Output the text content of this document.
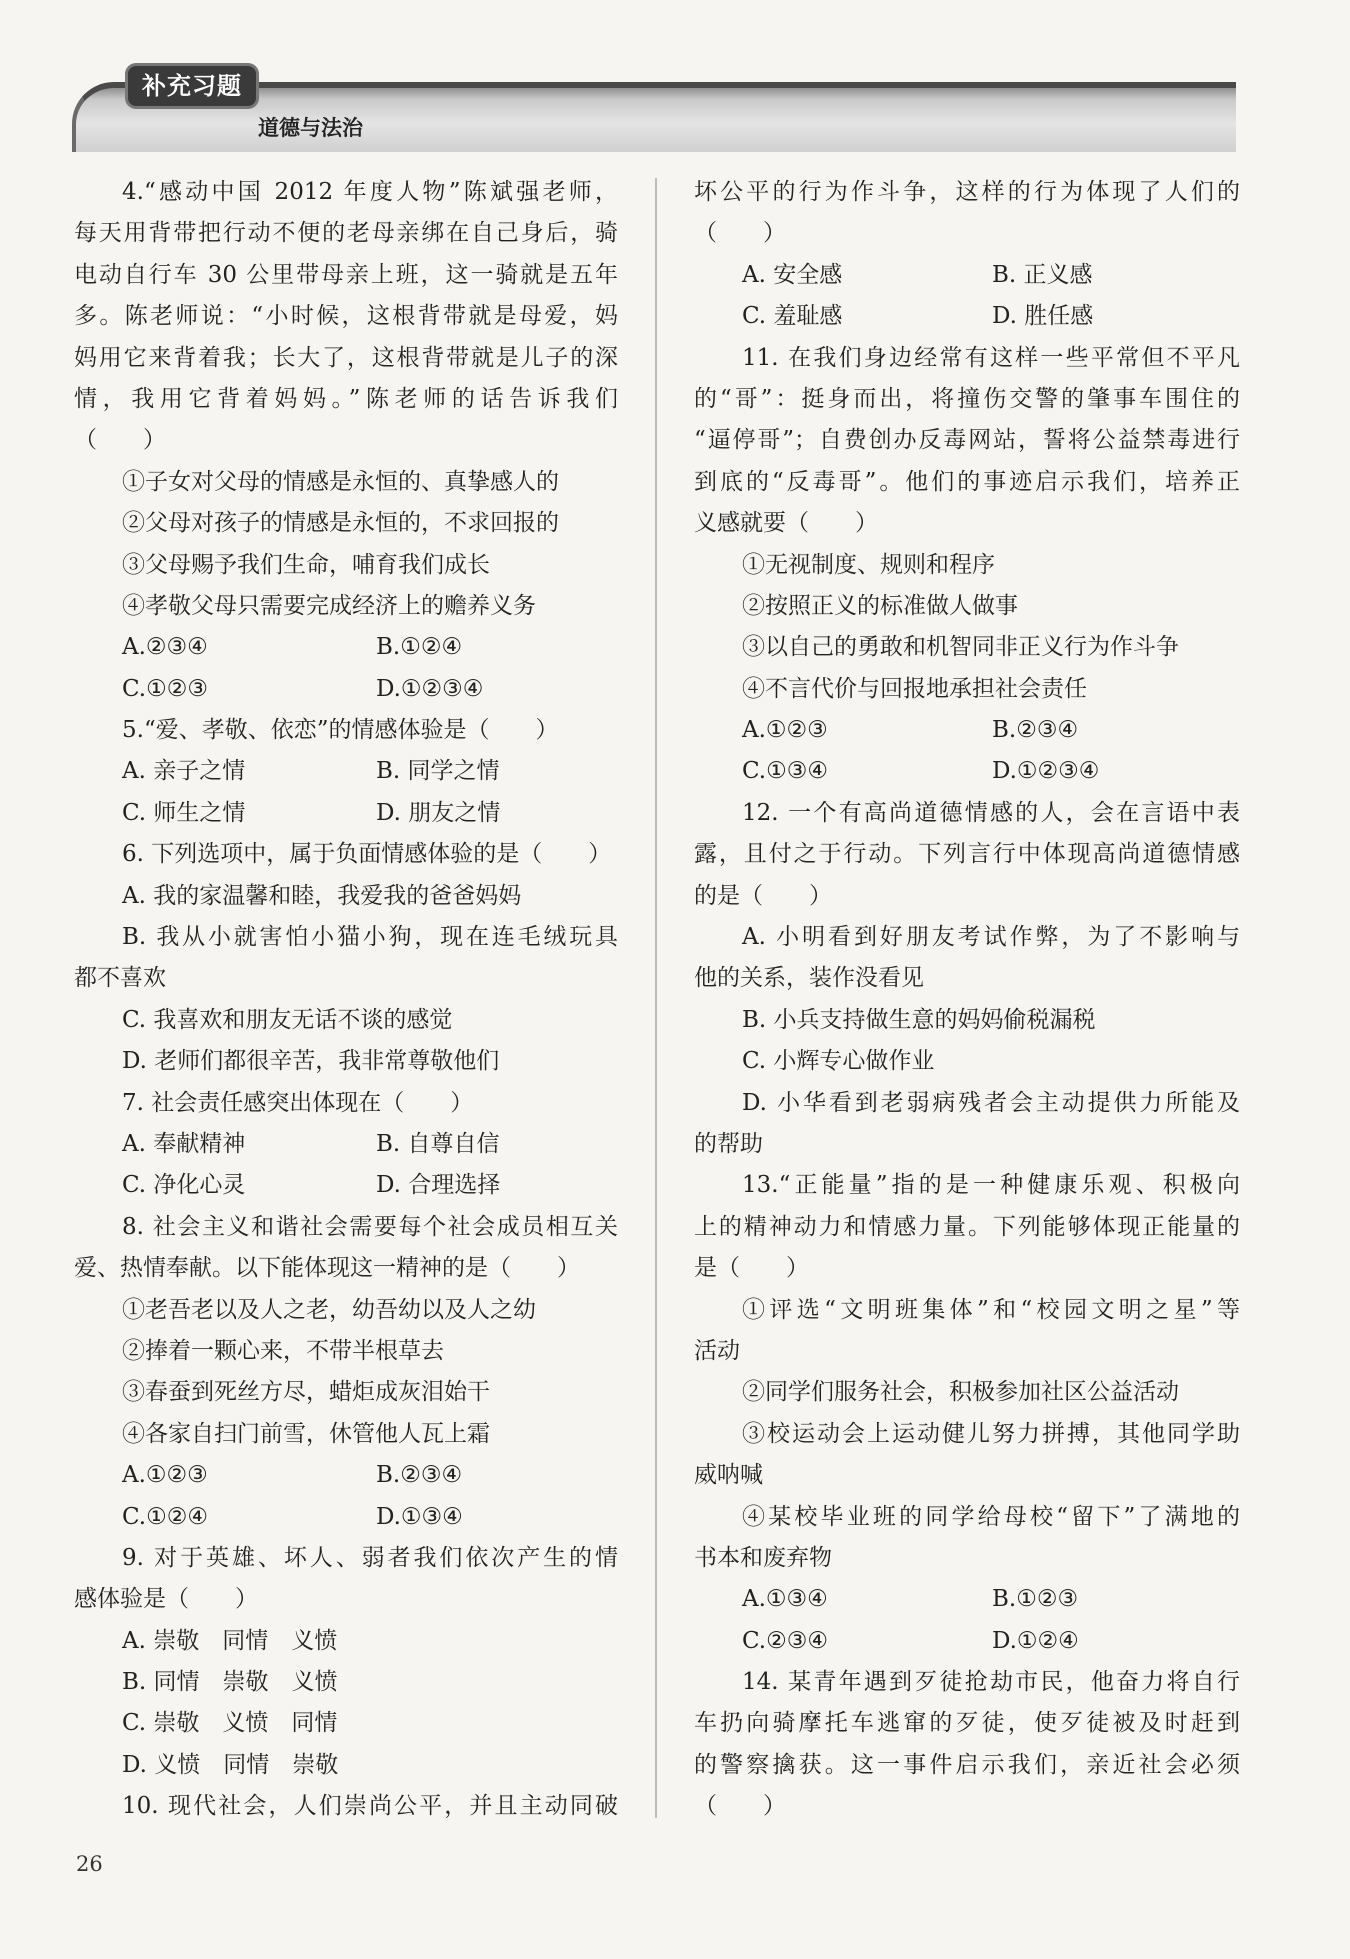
补充习题
道德与法治
4.“感动中国 2012 年度人物”陈斌强老师，
每天用背带把行动不便的老母亲绑在自己身后，骑
电动自行车 30 公里带母亲上班，这一骑就是五年
多。陈老师说：“小时候，这根背带就是母爱，妈
妈用它来背着我；长大了，这根背带就是儿子的深
情，我用它背着妈妈。”陈老师的话告诉我们
（　　）
①子女对父母的情感是永恒的、真挚感人的
②父母对孩子的情感是永恒的，不求回报的
③父母赐予我们生命，哺育我们成长
④孝敬父母只需要完成经济上的赡养义务
A.②③④	B.①②④
C.①②③	D.①②③④
5.“爱、孝敬、依恋”的情感体验是（　　）
A. 亲子之情	B. 同学之情
C. 师生之情	D. 朋友之情
6. 下列选项中，属于负面情感体验的是（　　）
A. 我的家温馨和睦，我爱我的爸爸妈妈
B. 我从小就害怕小猫小狗，现在连毛绒玩具
都不喜欢
C. 我喜欢和朋友无话不谈的感觉
D. 老师们都很辛苦，我非常尊敬他们
7. 社会责任感突出体现在（　　）
A. 奉献精神	B. 自尊自信
C. 净化心灵	D. 合理选择
8. 社会主义和谐社会需要每个社会成员相互关
爱、热情奉献。以下能体现这一精神的是（　　）
①老吾老以及人之老，幼吾幼以及人之幼
②捧着一颗心来，不带半根草去
③春蚕到死丝方尽，蜡炬成灰泪始干
④各家自扫门前雪，休管他人瓦上霜
A.①②③	B.②③④
C.①②④	D.①③④
9. 对于英雄、坏人、弱者我们依次产生的情
感体验是（　　）
A. 崇敬　同情　义愤
B. 同情　崇敬　义愤
C. 崇敬　义愤　同情
D. 义愤　同情　崇敬
10. 现代社会，人们崇尚公平，并且主动同破
坏公平的行为作斗争，这样的行为体现了人们的
（　　）
A. 安全感	B. 正义感
C. 羞耻感	D. 胜任感
11. 在我们身边经常有这样一些平常但不平凡
的“哥”：挺身而出，将撞伤交警的肇事车围住的
“逼停哥”；自费创办反毒网站，誓将公益禁毒进行
到底的“反毒哥”。他们的事迹启示我们，培养正
义感就要（　　）
①无视制度、规则和程序
②按照正义的标准做人做事
③以自己的勇敢和机智同非正义行为作斗争
④不言代价与回报地承担社会责任
A.①②③	B.②③④
C.①③④	D.①②③④
12. 一个有高尚道德情感的人，会在言语中表
露，且付之于行动。下列言行中体现高尚道德情感
的是（　　）
A. 小明看到好朋友考试作弊，为了不影响与
他的关系，装作没看见
B. 小兵支持做生意的妈妈偷税漏税
C. 小辉专心做作业
D. 小华看到老弱病残者会主动提供力所能及
的帮助
13.“正能量”指的是一种健康乐观、积极向
上的精神动力和情感力量。下列能够体现正能量的
是（　　）
①评选“文明班集体”和“校园文明之星”等
活动
②同学们服务社会，积极参加社区公益活动
③校运动会上运动健儿努力拼搏，其他同学助
威呐喊
④某校毕业班的同学给母校“留下”了满地的
书本和废弃物
A.①③④	B.①②③
C.②③④	D.①②④
14. 某青年遇到歹徒抢劫市民，他奋力将自行
车扔向骑摩托车逃窜的歹徒，使歹徒被及时赶到
的警察擒获。这一事件启示我们，亲近社会必须
（　　）
26
